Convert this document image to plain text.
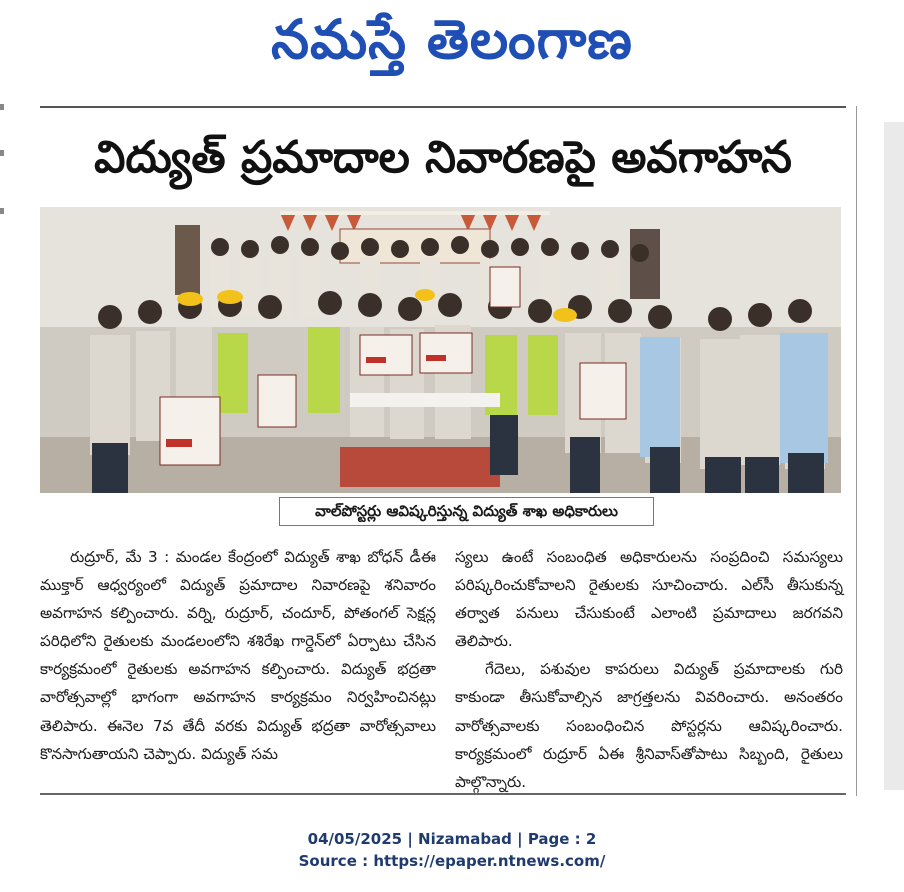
నమస్తే తెలంగాణ
విద్యుత్ ప్రమాదాల నివారణపై అవగాహన
వాల్‌పోస్టర్లు ఆవిష్కరిస్తున్న విద్యుత్ శాఖ అధికారులు

రుద్రూర్, మే 3 : మండల కేంద్రంలో విద్యుత్ శాఖ బోధన్ డీఈ ముక్తార్ ఆధ్వర్యంలో విద్యుత్ ప్రమాదాల నివారణపై శనివారం అవగాహన కల్పించారు. వర్ని, రుద్రూర్, చందూర్, పోతంగల్ సెక్షన్ల పరిధిలోని రైతులకు మండలంలోని శశిరేఖ గార్డెన్‌లో ఏర్పాటు చేసిన కార్యక్రమంలో రైతులకు అవగాహన కల్పించారు. విద్యుత్ భద్రతా వారోత్సవాల్లో భాగంగా అవగాహన కార్యక్రమం నిర్వహించినట్లు తెలిపారు. ఈనెల 7వ తేదీ వరకు విద్యుత్ భద్రతా వారోత్సవాలు కొనసాగుతాయని చెప్పారు. విద్యుత్ సమ

స్యలు ఉంటే సంబంధిత అధికారులను సంప్రదించి సమస్యలు పరిష్కరించుకోవాలని రైతులకు సూచించారు. ఎల్‌సీ తీసుకున్న తర్వాత పనులు చేసుకుంటే ఎలాంటి ప్రమాదాలు జరగవని తెలిపారు.

గేదెలు, పశువుల కాపరులు విద్యుత్ ప్రమాదాలకు గురి కాకుండా తీసుకోవాల్సిన జాగ్రత్తలను వివరించారు. అనంతరం వారోత్సవాలకు సంబంధించిన పోస్టర్లను ఆవిష్కరించారు. కార్యక్రమంలో రుద్రూర్ ఏఈ శ్రీనివాస్‌తోపాటు సిబ్బంది, రైతులు పాల్గొన్నారు.

04/05/2025 | Nizamabad | Page : 2
Source : https://epaper.ntnews.com/
